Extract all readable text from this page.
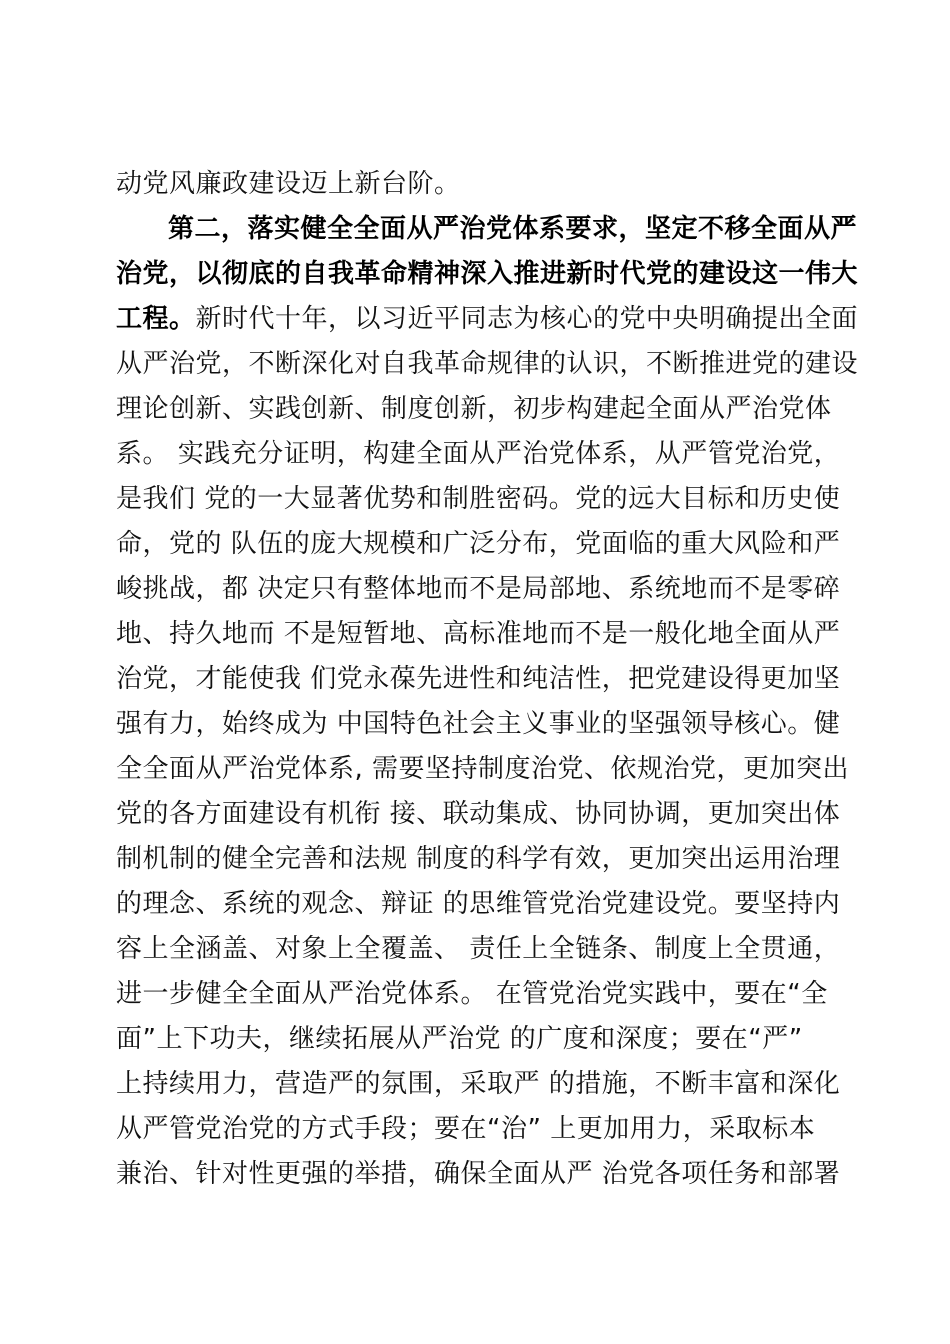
动党风廉政建设迈上新台阶。
第二，落实健全全面从严治党体系要求，坚定不移全面从严
治党，以彻底的自我革命精神深入推进新时代党的建设这一伟大
工程。新时代十年，以习近平同志为核心的党中央明确提出全面
从严治党，不断深化对自我革命规律的认识，不断推进党的建设
理论创新、实践创新、制度创新，初步构建起全面从严治党体
系。 实践充分证明，构建全面从严治党体系，从严管党治党，
是我们 党的一大显著优势和制胜密码。党的远大目标和历史使
命，党的 队伍的庞大规模和广泛分布，党面临的重大风险和严
峻挑战，都 决定只有整体地而不是局部地、系统地而不是零碎
地、持久地而 不是短暂地、高标准地而不是一般化地全面从严
治党，才能使我 们党永葆先进性和纯洁性，把党建设得更加坚
强有力，始终成为 中国特色社会主义事业的坚强领导核心。健
全全面从严治党体系, 需要坚持制度治党、依规治党，更加突出
党的各方面建设有机衔 接、联动集成、协同协调，更加突出体
制机制的健全完善和法规 制度的科学有效，更加突出运用治理
的理念、系统的观念、辩证 的思维管党治党建设党。要坚持内
容上全涵盖、对象上全覆盖、 责任上全链条、制度上全贯通，
进一步健全全面从严治党体系。 在管党治党实践中，要在“全
面”上下功夫，继续拓展从严治党 的广度和深度；要在“严”
上持续用力，营造严的氛围，采取严 的措施，不断丰富和深化
从严管党治党的方式手段；要在“治” 上更加用力，采取标本
兼治、针对性更强的举措，确保全面从严 治党各项任务和部署
